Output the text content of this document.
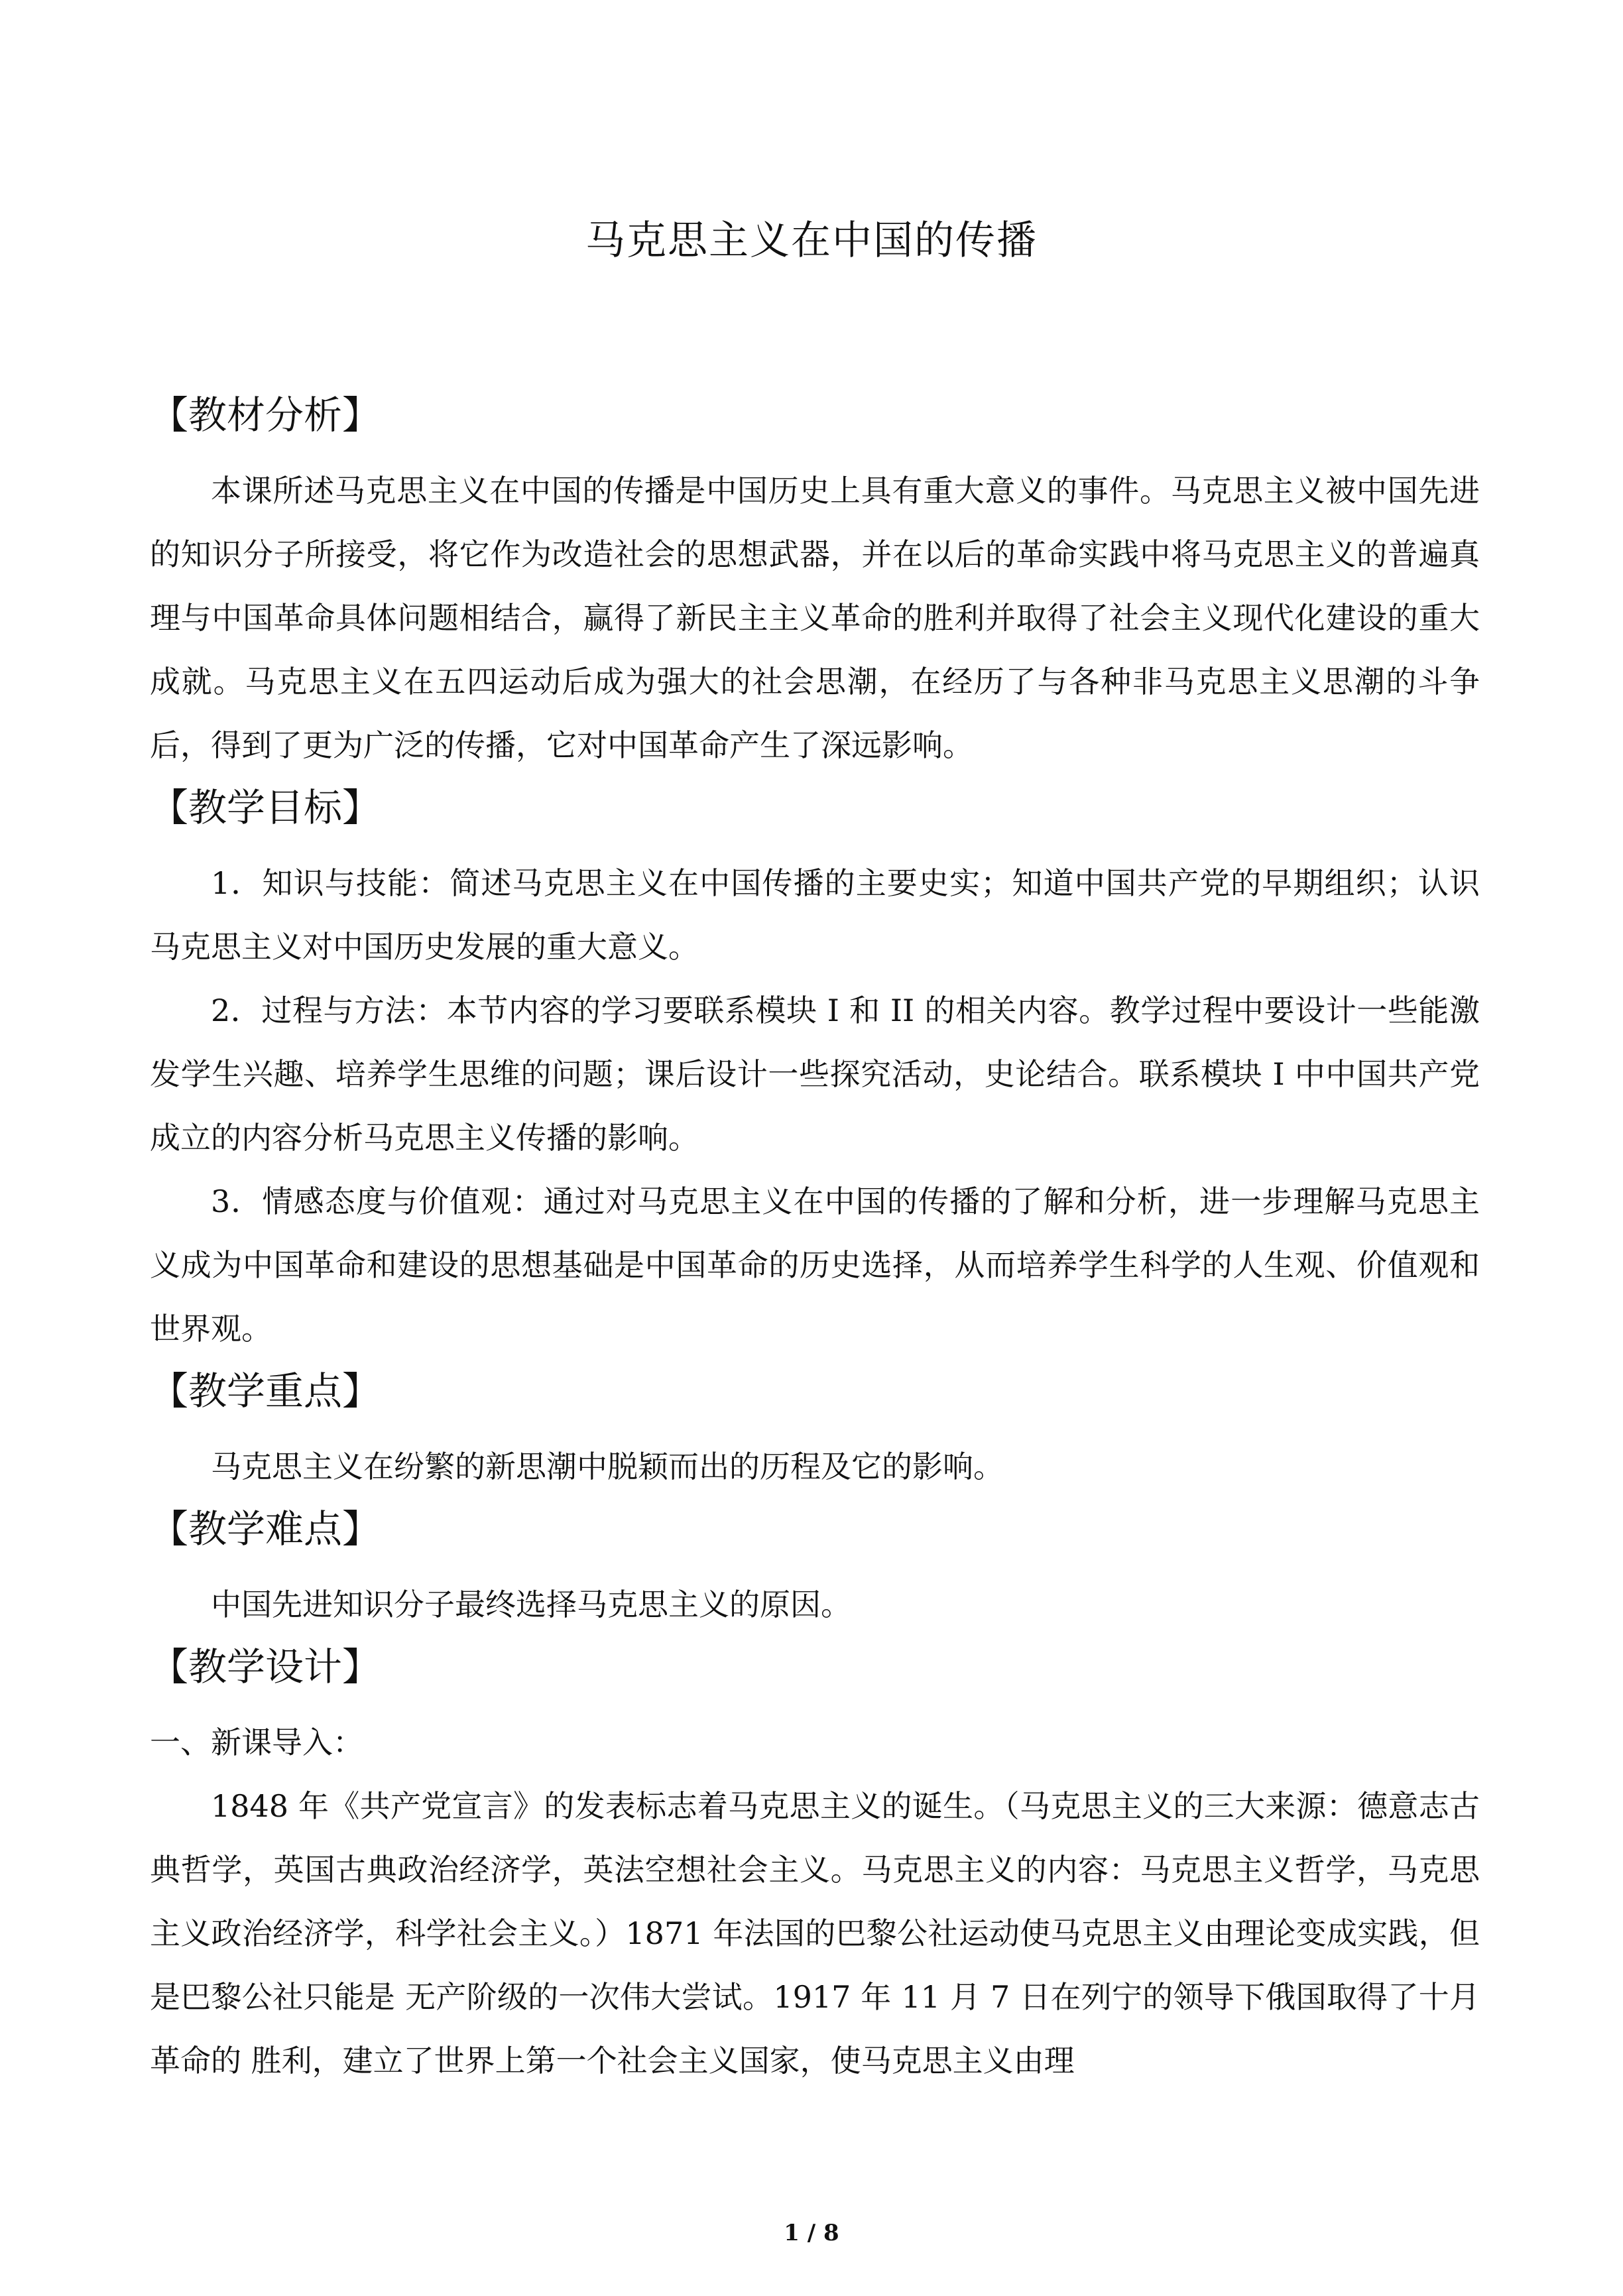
马克思主义在中国的传播

【教材分析】

本课所述马克思主义在中国的传播是中国历史上具有重大意义的事件。马克思主义被中国先进的知识分子所接受，将它作为改造社会的思想武器，并在以后的革命实践中将马克思主义的普遍真理与中国革命具体问题相结合，赢得了新民主主义革命的胜利并取得了社会主义现代化建设的重大成就。马克思主义在五四运动后成为强大的社会思潮，在经历了与各种非马克思主义思潮的斗争后，得到了更为广泛的传播，它对中国革命产生了深远影响。

【教学目标】

1．知识与技能：简述马克思主义在中国传播的主要史实；知道中国共产党的早期组织；认识马克思主义对中国历史发展的重大意义。

2．过程与方法：本节内容的学习要联系模块 I 和 II 的相关内容。教学过程中要设计一些能激发学生兴趣、培养学生思维的问题；课后设计一些探究活动，史论结合。联系模块 I 中中国共产党成立的内容分析马克思主义传播的影响。

3．情感态度与价值观：通过对马克思主义在中国的传播的了解和分析，进一步理解马克思主义成为中国革命和建设的思想基础是中国革命的历史选择，从而培养学生科学的人生观、价值观和世界观。

【教学重点】

马克思主义在纷繁的新思潮中脱颖而出的历程及它的影响。

【教学难点】

中国先进知识分子最终选择马克思主义的原因。

【教学设计】

一、新课导入：

1848 年《共产党宣言》的发表标志着马克思主义的诞生。（马克思主义的三大来源：德意志古典哲学，英国古典政治经济学，英法空想社会主义。马克思主义的内容：马克思主义哲学，马克思主义政治经济学，科学社会主义。）1871 年法国的巴黎公社运动使马克思主义由理论变成实践，但是巴黎公社只能是 无产阶级的一次伟大尝试。1917 年 11 月 7 日在列宁的领导下俄国取得了十月革命的 胜利，建立了世界上第一个社会主义国家，使马克思主义由理

1 / 8
